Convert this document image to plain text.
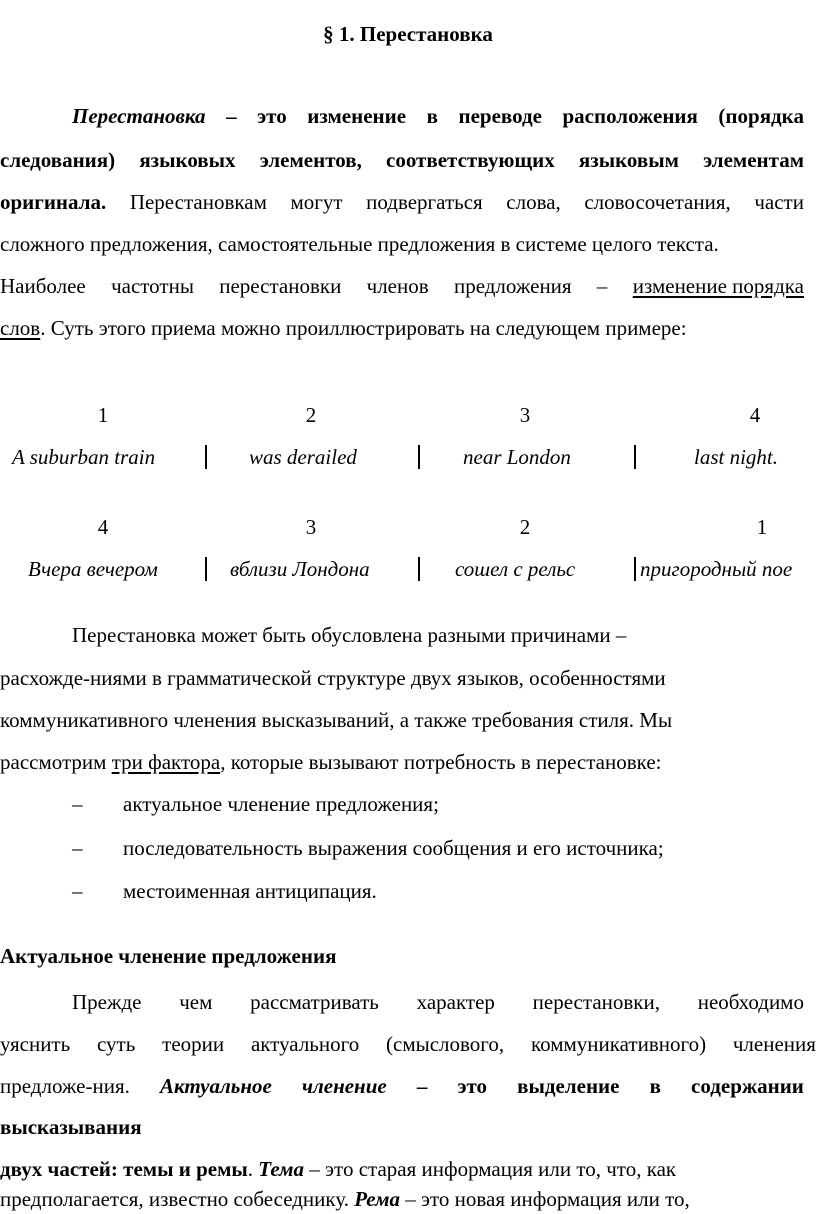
§ 1. Перестановка
Перестановка – это изменение в переводе расположения (порядка
следования) языковых элементов, соответствующих языковым элементам
оригинала. Перестановкам могут подвергаться слова, словосочетания, части
сложного предложения, самостоятельные предложения в системе целого текста.
Наиболее частотны перестановки членов предложения – изменение порядка
слов. Суть этого приема можно проиллюстрировать на следующем примере:
1	2	3	4
A suburban train	was derailed	near London	last night.
4	3	2	1
Вчера вечером	вблизи Лондона	сошел с рельс	пригородный пое
Перестановка может быть обусловлена разными причинами –
расхожде-ниями в грамматической структуре двух языков, особенностями
коммуникативного членения высказываний, а также требования стиля. Мы
рассмотрим три фактора, которые вызывают потребность в перестановке:
– актуальное членение предложения;
– последовательность выражения сообщения и его источника;
– местоименная антиципация.
Актуальное членение предложения
Прежде чем рассматривать характер перестановки, необходимо
уяснить суть теории актуального (смыслового, коммуникативного) членения
предложе-ния. Актуальное членение – это выделение в содержании
высказывания
двух частей: темы и ремы. Тема – это старая информация или то, что, как
предполагается, известно собеседнику. Рема – это новая информация или то,
